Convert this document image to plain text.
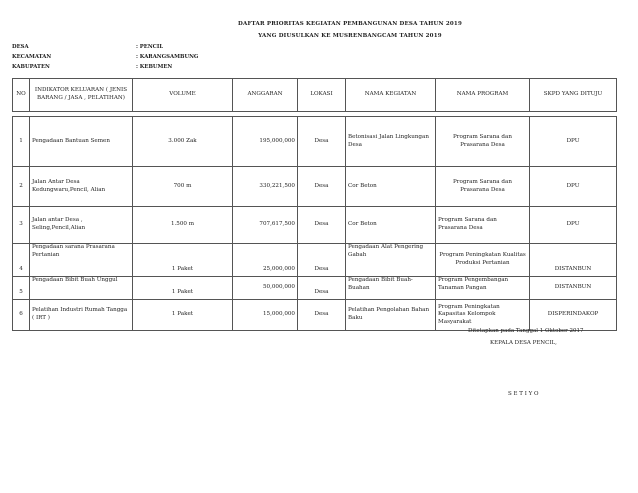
DAFTAR PRIORITAS KEGIATAN PEMBANGUNAN DESA TAHUN 2019
YANG DIUSULKAN KE MUSRENBANGCAM TAHUN 2019
DESA	: PENCIL
KECAMATAN	: KARANGSAMBUNG
KABUPATEN	: KEBUMEN
NO	INDIKATOR KELUARAN ( JENIS BARANG / JASA , PELATIHAN)	VOLUME	ANGGARAN	LOKASI	NAMA KEGIATAN	NAMA PROGRAM	SKPD YANG DITUJU

1	Pengadaan Bantuan Semen	3.000 Zak	195,000,000	Desa	Betonisasi Jalan Lingkungan Desa	Program Sarana dan Prasarana Desa	DPU
2	Jalan Antar Desa Kedungwaru,Pencil, Alian	700 m	330,221,500	Desa	Cor Beton	Program Sarana dan Prasarana Desa	DPU
3	Jalan antar Desa , Seling,Pencil,Alian	1.500 m	707,617,500	Desa	Cor Beton	Program Sarana dan Prasarana Desa	DPU
4	Pengadaan sarana Prasarana Pertanian	1 Paket	25,000,000	Desa	Pengadaan Alat Pengering Gabah	Program Peningkatan Kualitas Produksi Pertanian	DISTANBUN
5	Pengadaan Bibit Buah Unggul	1 Paket	50,000,000	Desa	Pengadaan Bibit Buah-Buahan	Program Pengembangan Tanaman Pangan	DISTANBUN
6	Pelatihan Industri Rumah Tangga ( IRT )	1 Paket	15,000,000	Desa	Pelatihan Pengolahan Bahan Baku	Program Peningkatan Kapasitas Kelompok Masyarakat	DISPERINDAKOP
Ditetapkan pada Tanggal 1 Oktober 2017
KEPALA DESA PENCIL,
S E T I Y O
